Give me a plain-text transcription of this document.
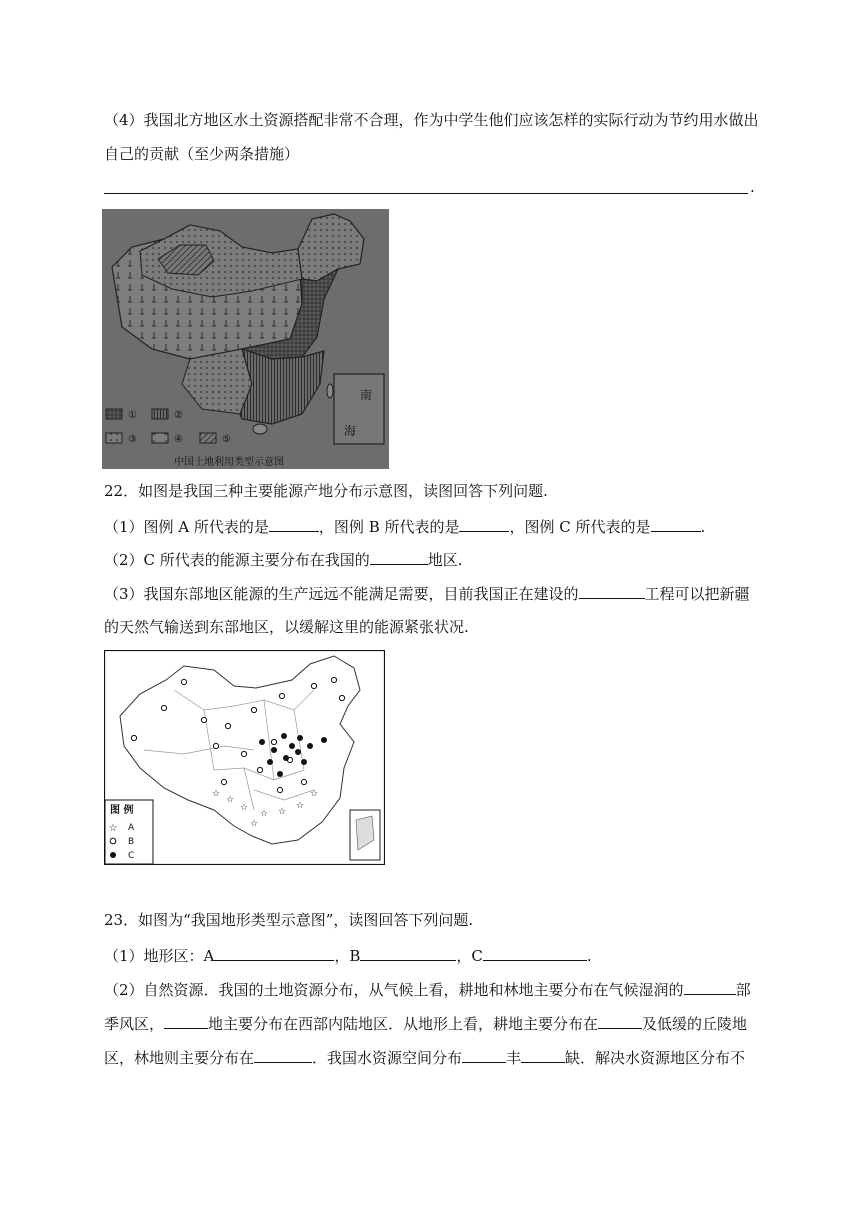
（4）我国北方地区水土资源搭配非常不合理，作为中学生他们应该怎样的实际行动为节约用水做出
自己的贡献（至少两条措施）
.
南
海
①	②
③	④	⑤
中国土地利用类型示意图
22．如图是我国三种主要能源产地分布示意图，读图回答下列问题.
（1）图例 A 所代表的是	，图例 B 所代表的是	，图例 C 所代表的是	.
（2）C 所代表的能源主要分布在我国的	地区.
（3）我国东部地区能源的生产远远不能满足需要，目前我国正在建设的	工程可以把新疆
的天然气输送到东部地区，以缓解这里的能源紧张状况.
☆
☆
☆ ☆
☆
☆
☆
☆
图 例
☆ A
B
C
23．如图为“我国地形类型示意图”，读图回答下列问题.
（1）地形区：A	，B	，C	.
（2）自然资源．我国的土地资源分布，从气候上看，耕地和林地主要分布在气候湿润的	部
季风区，	地主要分布在西部内陆地区．从地形上看，耕地主要分布在	及低缓的丘陵地
区，林地则主要分布在	．我国水资源空间分布	丰	缺．解决水资源地区分布不
